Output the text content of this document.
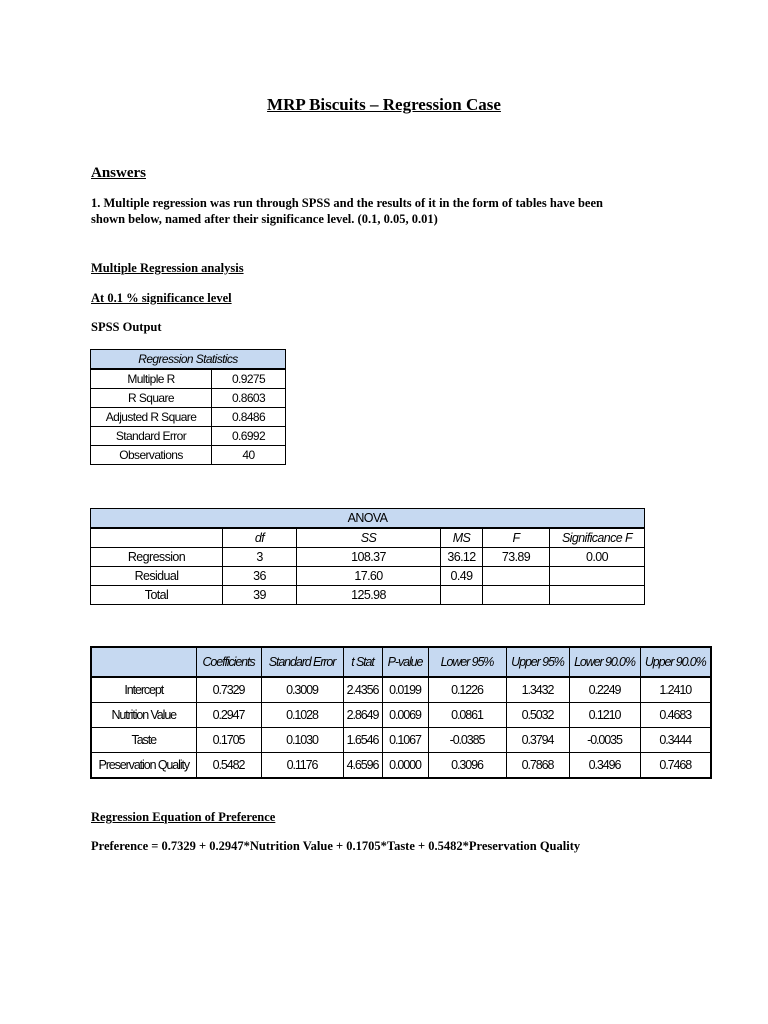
MRP Biscuits – Regression Case
Answers
1. Multiple regression was run through SPSS and the results of it in the form of tables have been
shown below, named after their significance level. (0.1, 0.05, 0.01)
Multiple Regression analysis
At 0.1 % significance level
SPSS Output
Regression Statistics	
Multiple R	0.9275
R Square	0.8603
Adjusted R Square	0.8486
Standard Error	0.6992
Observations	40
ANOVA					
	df	SS	MS	F	Significance F
Regression	3	108.37	36.12	73.89	0.00
Residual	36	17.60	0.49		
Total	39	125.98			
	Coefficients	Standard Error	t Stat	P-value	Lower 95%	Upper 95%	Lower 90.0%	Upper 90.0%
Intercept	0.7329	0.3009	2.4356	0.0199	0.1226	1.3432	0.2249	1.2410
Nutrition Value	0.2947	0.1028	2.8649	0.0069	0.0861	0.5032	0.1210	0.4683
Taste	0.1705	0.1030	1.6546	0.1067	-0.0385	0.3794	-0.0035	0.3444
Preservation Quality	0.5482	0.1176	4.6596	0.0000	0.3096	0.7868	0.3496	0.7468
Regression Equation of Preference
Preference = 0.7329 + 0.2947*Nutrition Value + 0.1705*Taste + 0.5482*Preservation Quality
